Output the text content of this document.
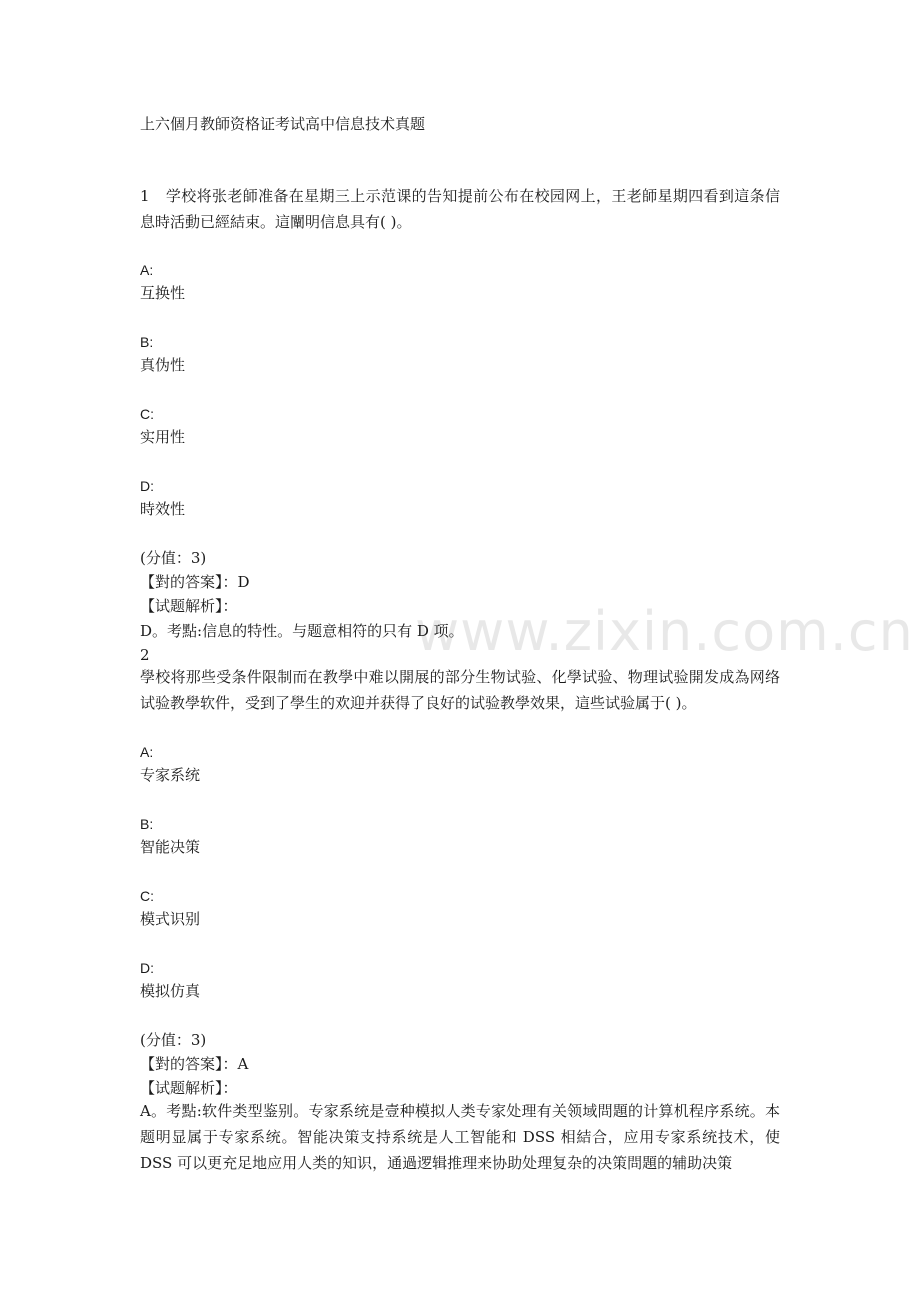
www.zixin.com.cn
上六個月教師资格证考试高中信息技术真题
1 学校将张老師准备在星期三上示范课的告知提前公布在校园网上，王老師星期四看到這条信息時活動已經結束。這闡明信息具有( )。
A:
互换性
B:
真伪性
C:
实用性
D:
時效性
(分值：3)
【對的答案】：D
【试题解析】：
D。考點:信息的特性。与题意相符的只有 D 项。
2
學校将那些受条件限制而在教學中难以開展的部分生物试验、化學试验、物理试验開发成為网络试验教學软件，受到了學生的欢迎并获得了良好的试验教學效果，這些试验属于( )。
A:
专家系统
B:
智能决策
C:
模式识别
D:
模拟仿真
(分值：3)
【對的答案】：A
【试题解析】：
A。考點:软件类型鉴别。专家系统是壹种模拟人类专家处理有关领域問題的计算机程序系统。本题明显属于专家系统。智能决策支持系统是人工智能和 DSS 相結合，应用专家系统技术，使 DSS 可以更充足地应用人类的知识，通過逻辑推理来协助处理复杂的决策問題的辅助决策
